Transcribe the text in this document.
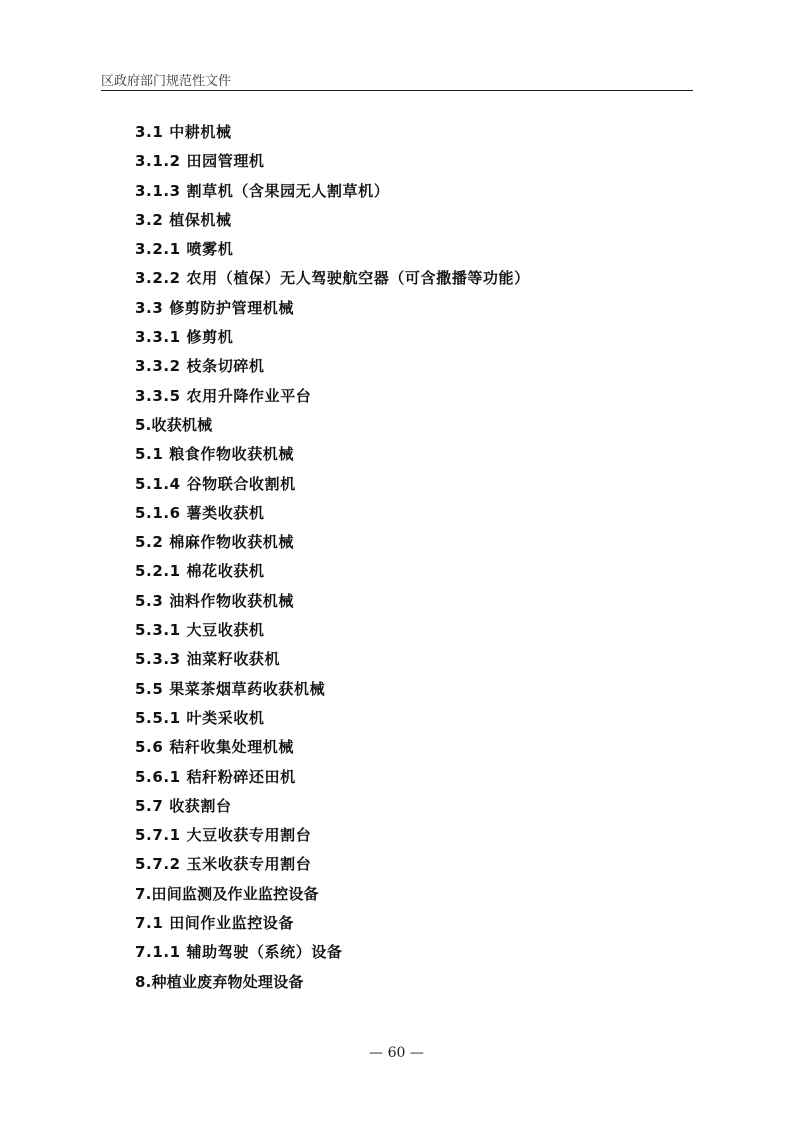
区政府部门规范性文件
3.1 中耕机械
3.1.2 田园管理机
3.1.3 割草机（含果园无人割草机）
3.2 植保机械
3.2.1 喷雾机
3.2.2 农用（植保）无人驾驶航空器（可含撒播等功能）
3.3 修剪防护管理机械
3.3.1 修剪机
3.3.2 枝条切碎机
3.3.5 农用升降作业平台
5.收获机械
5.1 粮食作物收获机械
5.1.4 谷物联合收割机
5.1.6 薯类收获机
5.2 棉麻作物收获机械
5.2.1 棉花收获机
5.3 油料作物收获机械
5.3.1 大豆收获机
5.3.3 油菜籽收获机
5.5 果菜茶烟草药收获机械
5.5.1 叶类采收机
5.6 秸秆收集处理机械
5.6.1 秸秆粉碎还田机
5.7 收获割台
5.7.1 大豆收获专用割台
5.7.2 玉米收获专用割台
7.田间监测及作业监控设备
7.1 田间作业监控设备
7.1.1 辅助驾驶（系统）设备
8.种植业废弃物处理设备
— 60 —
